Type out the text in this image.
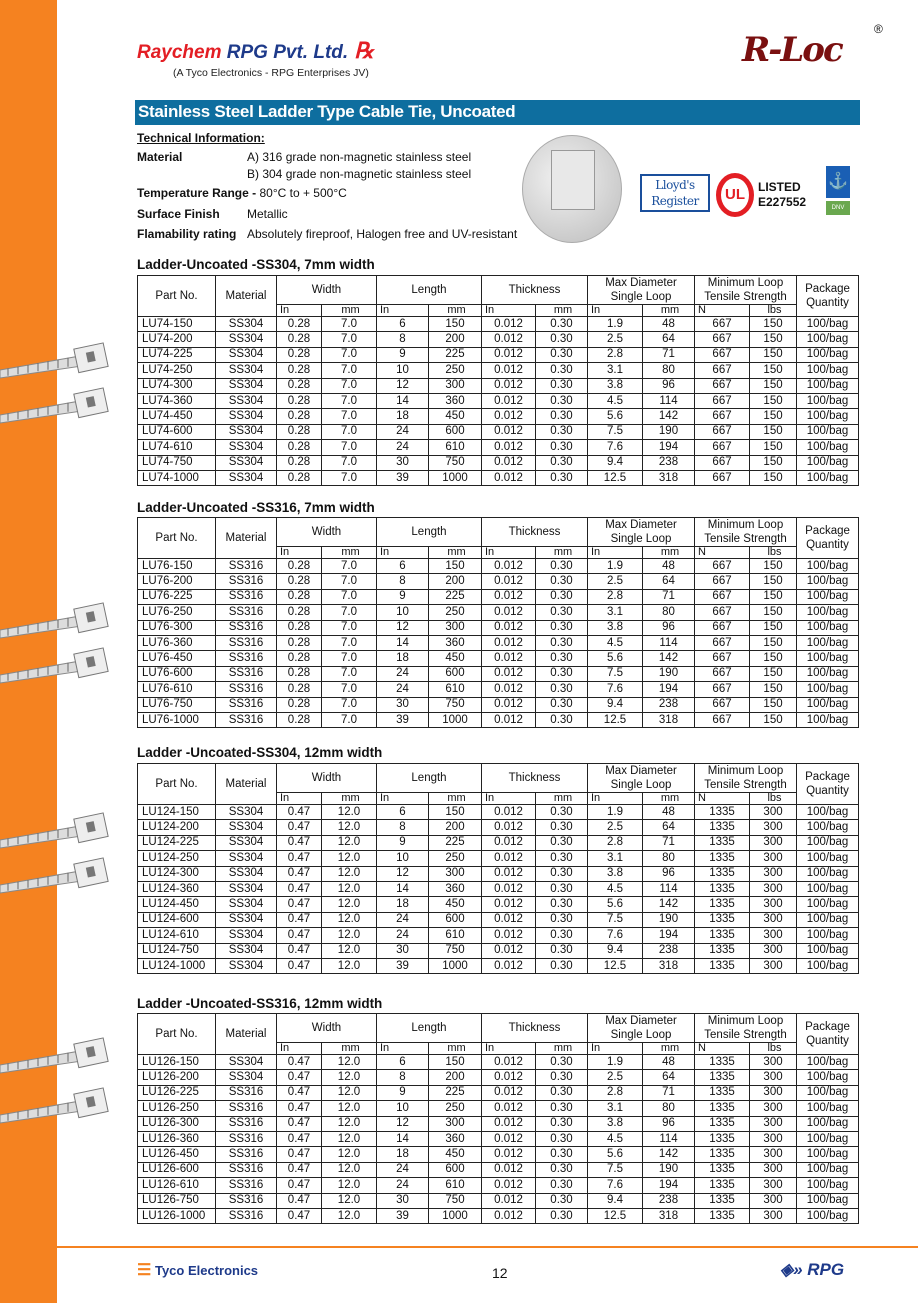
Raychem RPG Pvt. Ltd. ℞
(A Tyco Electronics - RPG Enterprises JV)
R-Loc
®
Stainless Steel Ladder Type Cable Tie, Uncoated
Technical Information:
Material	A) 316 grade non-magnetic stainless steel
B) 304 grade non-magnetic stainless steel
Temperature Range - 80°C to + 500°C
Surface Finish Metallic
Flamability rating Absolutely fireproof, Halogen free and UV-resistant
Lloyd's Register	UL	LISTED
E227552
⚓
DNV
Ladder-Uncoated -SS304, 7mm width
Part No.	Material	Width		Length		Thickness		Max Diameter Single Loop		Minimum Loop Tensile Strength		Package Quantity
		In	mm	In	mm	In	mm	In	mm	N	lbs	
LU74-150	SS304	0.28	7.0	6	150	0.012	0.30	1.9	48	667	150	100/bag
LU74-200	SS304	0.28	7.0	8	200	0.012	0.30	2.5	64	667	150	100/bag
LU74-225	SS304	0.28	7.0	9	225	0.012	0.30	2.8	71	667	150	100/bag
LU74-250	SS304	0.28	7.0	10	250	0.012	0.30	3.1	80	667	150	100/bag
LU74-300	SS304	0.28	7.0	12	300	0.012	0.30	3.8	96	667	150	100/bag
LU74-360	SS304	0.28	7.0	14	360	0.012	0.30	4.5	114	667	150	100/bag
LU74-450	SS304	0.28	7.0	18	450	0.012	0.30	5.6	142	667	150	100/bag
LU74-600	SS304	0.28	7.0	24	600	0.012	0.30	7.5	190	667	150	100/bag
LU74-610	SS304	0.28	7.0	24	610	0.012	0.30	7.6	194	667	150	100/bag
LU74-750	SS304	0.28	7.0	30	750	0.012	0.30	9.4	238	667	150	100/bag
LU74-1000	SS304	0.28	7.0	39	1000	0.012	0.30	12.5	318	667	150	100/bag
Ladder-Uncoated -SS316, 7mm width
Part No.	Material	Width		Length		Thickness		Max Diameter Single Loop		Minimum Loop Tensile Strength		Package Quantity
		In	mm	In	mm	In	mm	In	mm	N	lbs	
LU76-150	SS316	0.28	7.0	6	150	0.012	0.30	1.9	48	667	150	100/bag
LU76-200	SS316	0.28	7.0	8	200	0.012	0.30	2.5	64	667	150	100/bag
LU76-225	SS316	0.28	7.0	9	225	0.012	0.30	2.8	71	667	150	100/bag
LU76-250	SS316	0.28	7.0	10	250	0.012	0.30	3.1	80	667	150	100/bag
LU76-300	SS316	0.28	7.0	12	300	0.012	0.30	3.8	96	667	150	100/bag
LU76-360	SS316	0.28	7.0	14	360	0.012	0.30	4.5	114	667	150	100/bag
LU76-450	SS316	0.28	7.0	18	450	0.012	0.30	5.6	142	667	150	100/bag
LU76-600	SS316	0.28	7.0	24	600	0.012	0.30	7.5	190	667	150	100/bag
LU76-610	SS316	0.28	7.0	24	610	0.012	0.30	7.6	194	667	150	100/bag
LU76-750	SS316	0.28	7.0	30	750	0.012	0.30	9.4	238	667	150	100/bag
LU76-1000	SS316	0.28	7.0	39	1000	0.012	0.30	12.5	318	667	150	100/bag
Ladder -Uncoated-SS304, 12mm width
Part No.	Material	Width		Length		Thickness		Max Diameter Single Loop		Minimum Loop Tensile Strength		Package Quantity
		In	mm	In	mm	In	mm	In	mm	N	lbs	
LU124-150	SS304	0.47	12.0	6	150	0.012	0.30	1.9	48	1335	300	100/bag
LU124-200	SS304	0.47	12.0	8	200	0.012	0.30	2.5	64	1335	300	100/bag
LU124-225	SS304	0.47	12.0	9	225	0.012	0.30	2.8	71	1335	300	100/bag
LU124-250	SS304	0.47	12.0	10	250	0.012	0.30	3.1	80	1335	300	100/bag
LU124-300	SS304	0.47	12.0	12	300	0.012	0.30	3.8	96	1335	300	100/bag
LU124-360	SS304	0.47	12.0	14	360	0.012	0.30	4.5	114	1335	300	100/bag
LU124-450	SS304	0.47	12.0	18	450	0.012	0.30	5.6	142	1335	300	100/bag
LU124-600	SS304	0.47	12.0	24	600	0.012	0.30	7.5	190	1335	300	100/bag
LU124-610	SS304	0.47	12.0	24	610	0.012	0.30	7.6	194	1335	300	100/bag
LU124-750	SS304	0.47	12.0	30	750	0.012	0.30	9.4	238	1335	300	100/bag
LU124-1000	SS304	0.47	12.0	39	1000	0.012	0.30	12.5	318	1335	300	100/bag
Ladder -Uncoated-SS316, 12mm width
Part No.	Material	Width		Length		Thickness		Max Diameter Single Loop		Minimum Loop Tensile Strength		Package Quantity
		In	mm	In	mm	In	mm	In	mm	N	lbs	
LU126-150	SS304	0.47	12.0	6	150	0.012	0.30	1.9	48	1335	300	100/bag
LU126-200	SS304	0.47	12.0	8	200	0.012	0.30	2.5	64	1335	300	100/bag
LU126-225	SS316	0.47	12.0	9	225	0.012	0.30	2.8	71	1335	300	100/bag
LU126-250	SS316	0.47	12.0	10	250	0.012	0.30	3.1	80	1335	300	100/bag
LU126-300	SS316	0.47	12.0	12	300	0.012	0.30	3.8	96	1335	300	100/bag
LU126-360	SS316	0.47	12.0	14	360	0.012	0.30	4.5	114	1335	300	100/bag
LU126-450	SS316	0.47	12.0	18	450	0.012	0.30	5.6	142	1335	300	100/bag
LU126-600	SS316	0.47	12.0	24	600	0.012	0.30	7.5	190	1335	300	100/bag
LU126-610	SS316	0.47	12.0	24	610	0.012	0.30	7.6	194	1335	300	100/bag
LU126-750	SS316	0.47	12.0	30	750	0.012	0.30	9.4	238	1335	300	100/bag
LU126-1000	SS316	0.47	12.0	39	1000	0.012	0.30	12.5	318	1335	300	100/bag
☰ Tyco Electronics	12	◈» RPG
